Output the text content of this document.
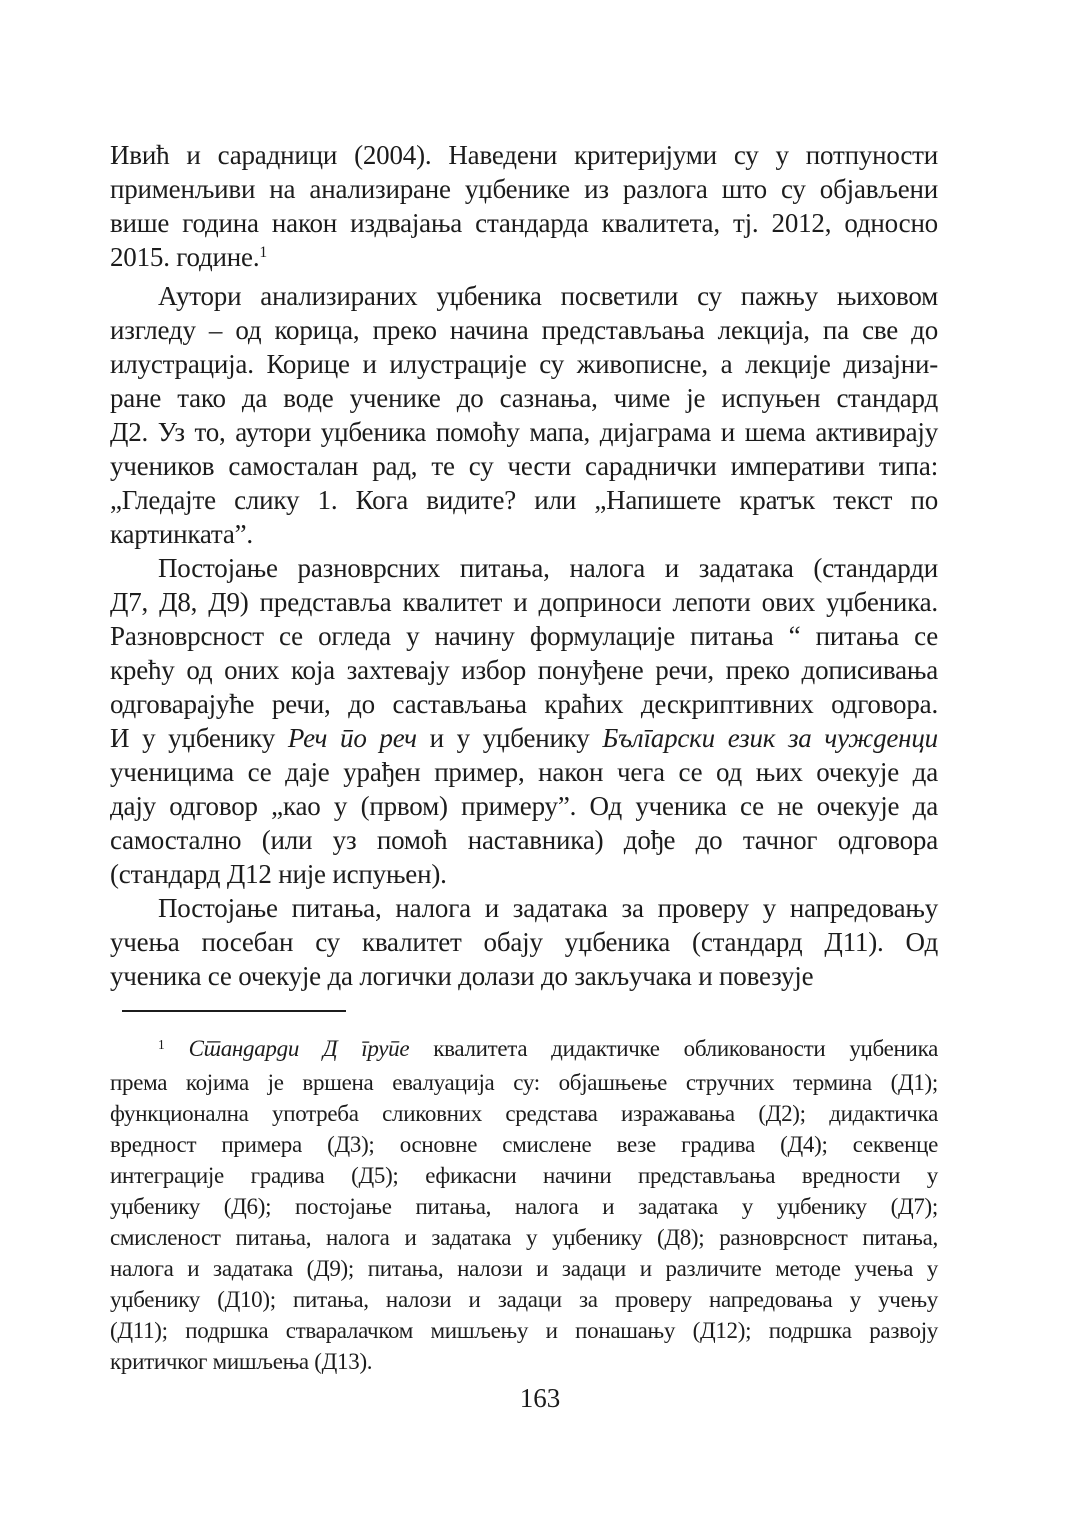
Ивић и сарадници (2004). Наведени критеријуми су у потпуности
применљиви на анализиране уџбенике из разлога што су објављени
више година након издвајања стандарда квалитета, тј. 2012, односно
2015. године.$^1$
Аутори анализираних уџбеника посветили су пажњу њиховом
изгледу – од корица, преко начина представљања лекција, па све до
илустрација. Корице и илустрације су живописне, а лекције дизајни-
ране тако да воде ученике до сазнања, чиме је испуњен стандард
Д2. Уз то, аутори уџбеника помоћу мапа, дијаграма и шема активирају
учеников самосталан рад, те су чести сараднички императиви типа:
„Гледајте слику 1. Кога видите? или „Напишете кратък текст по
картинката”.
Постојање разноврсних питања, налога и задатака (стандарди
Д7, Д8, Д9) представља квалитет и доприноси лепоти ових уџбеника.
Разноврсност се огледа у начину формулације питања “ питања се
крећу од оних која захтевају избор понуђене речи, преко дописивања
одговарајуће речи, до састављања краћих дескриптивних одговора.
И у уџбенику Реч по реч и у уџбенику Български език за чужденци
ученицима се даје урађен пример, након чега се од њих очекује да
дају одговор „као у (првом) примеру”. Од ученика се не очекује да
самостално (или уз помоћ наставника) дође до тачног одговора
(стандард Д12 није испуњен).
Постојање питања, налога и задатака за проверу у напредовању
учења посебан су квалитет обају уџбеника (стандард Д11). Од
ученика се очекује да логички долази до закључака и повезује
$^1$ Стандарди Д групе квалитета дидактичке обликованости уџбеника
према којима је вршена евалуација су: објашњење стручних термина (Д1);
функционална употреба сликовних средстава изражавања (Д2); дидактичка
вредност примера (Д3); основне смислене везе градива (Д4); секвенце
интеграције градива (Д5); ефикасни начини представљања вредности у
уџбенику (Д6); постојање питања, налога и задатака у уџбенику (Д7);
смисленост питања, налога и задатака у уџбенику (Д8); разноврсност питања,
налога и задатака (Д9); питања, налози и задаци и различите методе учења у
уџбенику (Д10); питања, налози и задаци за проверу напредовања у учењу
(Д11); подршка стваралачком мишљењу и понашању (Д12); подршка развоју
критичког мишљења (Д13).
163
